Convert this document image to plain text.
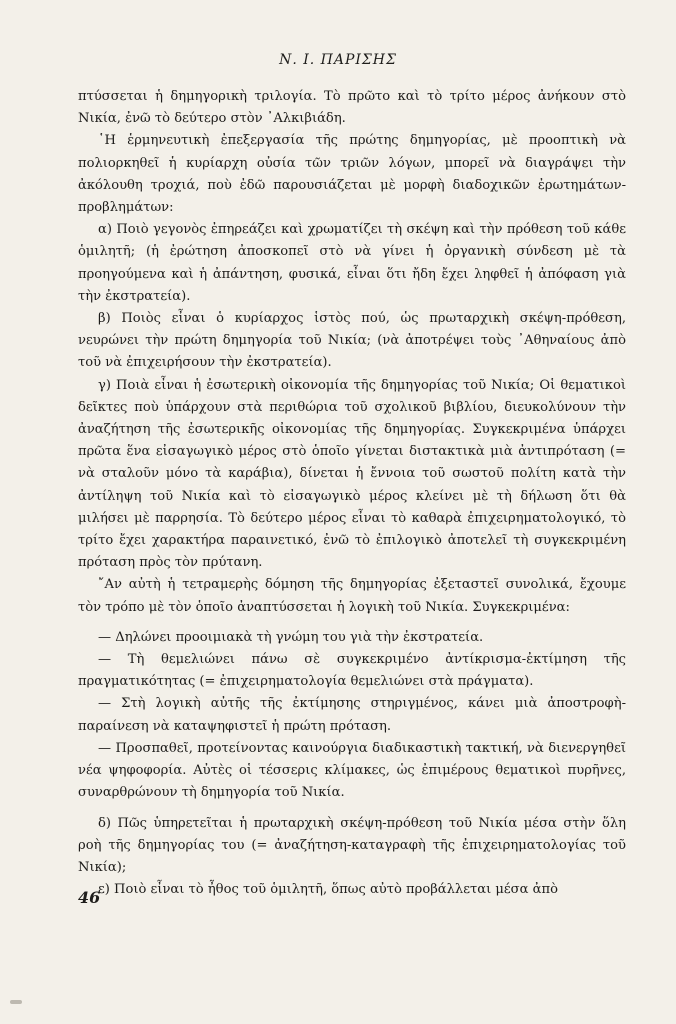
Ν. Ι. ΠΑΡΙΣΗΣ

πτύσσεται ἡ δημηγορικὴ τριλογία. Τὸ πρῶτο καὶ τὸ τρίτο μέρος ἀνήκουν στὸ Νικία, ἐνῶ τὸ δεύτερο στὸν ᾿Αλκιβιάδη.

῾Η ἑρμηνευτικὴ ἐπεξεργασία τῆς πρώτης δημηγορίας, μὲ προοπτικὴ νὰ πολιορκηθεῖ ἡ κυρίαρχη οὐσία τῶν τριῶν λόγων, μπορεῖ νὰ διαγράψει τὴν ἀκόλουθη τροχιά, ποὺ ἐδῶ παρουσιάζεται μὲ μορφὴ διαδοχικῶν ἐρωτημάτων-προβλημάτων:

α) Ποιὸ γεγονὸς ἐπηρεάζει καὶ χρωματίζει τὴ σκέψη καὶ τὴν πρόθεση τοῦ κάθε ὁμιλητῆ; (ἡ ἐρώτηση ἀποσκοπεῖ στὸ νὰ γίνει ἡ ὀργανικὴ σύνδεση μὲ τὰ προηγούμενα καὶ ἡ ἀπάντηση, φυσικά, εἶναι ὅτι ἤδη ἔχει ληφθεῖ ἡ ἀπόφαση γιὰ τὴν ἐκστρατεία).

β) Ποιὸς εἶναι ὁ κυρίαρχος ἱστὸς πού, ὡς πρωταρχικὴ σκέψη-πρόθεση, νευρώνει τὴν πρώτη δημηγορία τοῦ Νικία; (νὰ ἀποτρέψει τοὺς ᾿Αθηναίους ἀπὸ τοῦ νὰ ἐπιχειρήσουν τὴν ἐκστρατεία).

γ) Ποιὰ εἶναι ἡ ἐσωτερικὴ οἰκονομία τῆς δημηγορίας τοῦ Νικία; Οἱ θεματικοὶ δεῖκτες ποὺ ὑπάρχουν στὰ περιθώρια τοῦ σχολικοῦ βιβλίου, διευκολύνουν τὴν ἀναζήτηση τῆς ἐσωτερικῆς οἰκονομίας τῆς δημηγορίας. Συγκεκριμένα ὑπάρχει πρῶτα ἕνα εἰσαγωγικὸ μέρος στὸ ὁποῖο γίνεται διστακτικὰ μιὰ ἀντιπρόταση (= νὰ σταλοῦν μόνο τὰ καράβια), δίνεται ἡ ἔννοια τοῦ σωστοῦ πολίτη κατὰ τὴν ἀντίληψη τοῦ Νικία καὶ τὸ εἰσαγωγικὸ μέρος κλείνει μὲ τὴ δήλωση ὅτι θὰ μιλήσει μὲ παρρησία. Τὸ δεύτερο μέρος εἶναι τὸ καθαρὰ ἐπιχειρηματολογικό, τὸ τρίτο ἔχει χαρακτήρα παραινετικό, ἐνῶ τὸ ἐπιλογικὸ ἀποτελεῖ τὴ συγκεκριμένη πρόταση πρὸς τὸν πρύτανη.

῎Αν αὐτὴ ἡ τετραμερὴς δόμηση τῆς δημηγορίας ἐξεταστεῖ συνολικά, ἔχουμε τὸν τρόπο μὲ τὸν ὁποῖο ἀναπτύσσεται ἡ λογικὴ τοῦ Νικία. Συγκεκριμένα:

— Δηλώνει προοιμιακὰ τὴ γνώμη του γιὰ τὴν ἐκστρατεία.

— Τὴ θεμελιώνει πάνω σὲ συγκεκριμένο ἀντίκρισμα-ἐκτίμηση τῆς πραγματικότητας (= ἐπιχειρηματολογία θεμελιώνει στὰ πράγματα).

— Στὴ λογικὴ αὐτῆς τῆς ἐκτίμησης στηριγμένος, κάνει μιὰ ἀποστροφὴ-παραίνεση νὰ καταψηφιστεῖ ἡ πρώτη πρόταση.

— Προσπαθεῖ, προτείνοντας καινούργια διαδικαστικὴ τακτική, νὰ διενεργηθεῖ νέα ψηφοφορία. Αὐτὲς οἱ τέσσερις κλίμακες, ὡς ἐπιμέρους θεματικοὶ πυρῆνες, συναρθρώνουν τὴ δημηγορία τοῦ Νικία.

δ) Πῶς ὑπηρετεῖται ἡ πρωταρχικὴ σκέψη-πρόθεση τοῦ Νικία μέσα στὴν ὅλη ροὴ τῆς δημηγορίας του (= ἀναζήτηση-καταγραφὴ τῆς ἐπιχειρηματολογίας τοῦ Νικία);

ε) Ποιὸ εἶναι τὸ ἦθος τοῦ ὁμιλητῆ, ὅπως αὐτὸ προβάλλεται μέσα ἀπὸ

46
